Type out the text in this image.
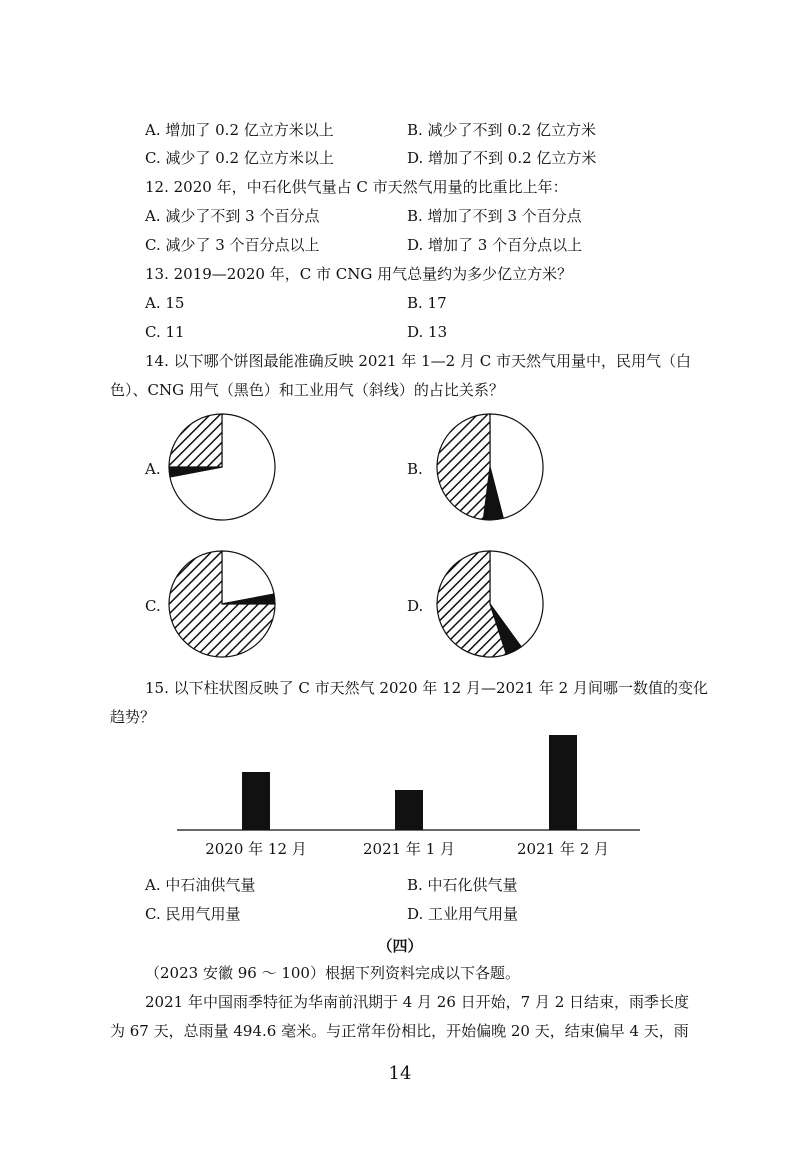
A. 增加了 0.2 亿立方米以上	B. 减少了不到 0.2 亿立方米
C. 减少了 0.2 亿立方米以上	D. 增加了不到 0.2 亿立方米
12. 2020 年，中石化供气量占 C 市天然气用量的比重比上年：
A. 减少了不到 3 个百分点	B. 增加了不到 3 个百分点
C. 减少了 3 个百分点以上	D. 增加了 3 个百分点以上
13. 2019—2020 年，C 市 CNG 用气总量约为多少亿立方米？
A. 15	B. 17
C. 11	D. 13
14. 以下哪个饼图最能准确反映 2021 年 1—2 月 C 市天然气用量中，民用气（白
色）、CNG 用气（黑色）和工业用气（斜线）的占比关系？
A.	B.
C.	D.
15. 以下柱状图反映了 C 市天然气 2020 年 12 月—2021 年 2 月间哪一数值的变化
趋势？
2020 年 12 月	2021 年 1 月	2021 年 2 月
A. 中石油供气量	B. 中石化供气量
C. 民用气用量	D. 工业用气用量
（四）
（2023 安徽 96 ～ 100）根据下列资料完成以下各题。
2021 年中国雨季特征为华南前汛期于 4 月 26 日开始，7 月 2 日结束，雨季长度
为 67 天，总雨量 494.6 毫米。与正常年份相比，开始偏晚 20 天，结束偏早 4 天，雨
14
